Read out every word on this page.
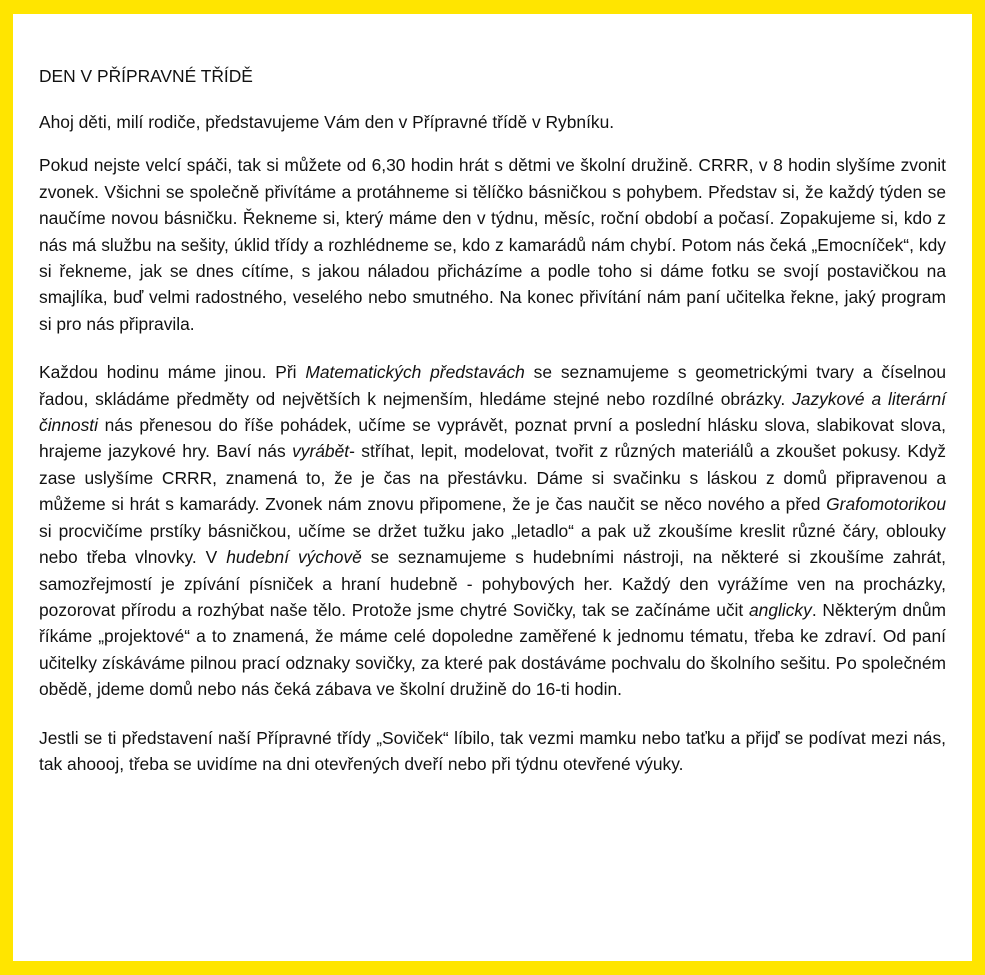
DEN V PŘÍPRAVNÉ TŘÍDĚ

Ahoj děti, milí rodiče, představujeme Vám den v Přípravné třídě v Rybníku.

Pokud nejste velcí spáči, tak si můžete od 6,30 hodin hrát s dětmi ve školní družině. CRRR, v 8 hodin slyšíme zvonit zvonek. Všichni se společně přivítáme a protáhneme si tělíčko básničkou s pohybem. Představ si, že každý týden se naučíme novou básničku. Řekneme si, který máme den v týdnu, měsíc, roční období a počasí. Zopakujeme si, kdo z nás má službu na sešity, úklid třídy a rozhlédneme se, kdo z kamarádů nám chybí. Potom nás čeká „Emocníček“, kdy si řekneme, jak se dnes cítíme, s jakou náladou přicházíme a podle toho si dáme fotku se svojí postavičkou na smajlíka, buď velmi radostného, veselého nebo smutného. Na konec přivítání nám paní učitelka řekne, jaký program si pro nás připravila.

Každou hodinu máme jinou. Při Matematických představách se seznamujeme s geometrickými tvary a číselnou řadou, skládáme předměty od největších k nejmenším, hledáme stejné nebo rozdílné obrázky. Jazykové a literární činnosti nás přenesou do říše pohádek, učíme se vyprávět, poznat první a poslední hlásku slova, slabikovat slova, hrajeme jazykové hry. Baví nás vyrábět- stříhat, lepit, modelovat, tvořit z různých materiálů a zkoušet pokusy. Když zase uslyšíme CRRR, znamená to, že je čas na přestávku. Dáme si svačinku s láskou z domů připravenou a můžeme si hrát s kamarády. Zvonek nám znovu připomene, že je čas naučit se něco nového a před Grafomotorikou si procvičíme prstíky básničkou, učíme se držet tužku jako „letadlo“ a pak už zkoušíme kreslit různé čáry, oblouky nebo třeba vlnovky. V hudební výchově se seznamujeme s hudebními nástroji, na některé si zkoušíme zahrát, samozřejmostí je zpívání písniček a hraní hudebně - pohybových her. Každý den vyrážíme ven na procházky, pozorovat přírodu a rozhýbat naše tělo. Protože jsme chytré Sovičky, tak se začínáme učit anglicky. Některým dnům říkáme „projektové“ a to znamená, že máme celé dopoledne zaměřené k jednomu tématu, třeba ke zdraví. Od paní učitelky získáváme pilnou prací odznaky sovičky, za které pak dostáváme pochvalu do školního sešitu. Po společném obědě, jdeme domů nebo nás čeká zábava ve školní družině do 16-ti hodin.

Jestli se ti představení naší Přípravné třídy „Soviček“ líbilo, tak vezmi mamku nebo taťku a přijď se podívat mezi nás, tak ahoooj, třeba se uvidíme na dni otevřených dveří nebo při týdnu otevřené výuky.
